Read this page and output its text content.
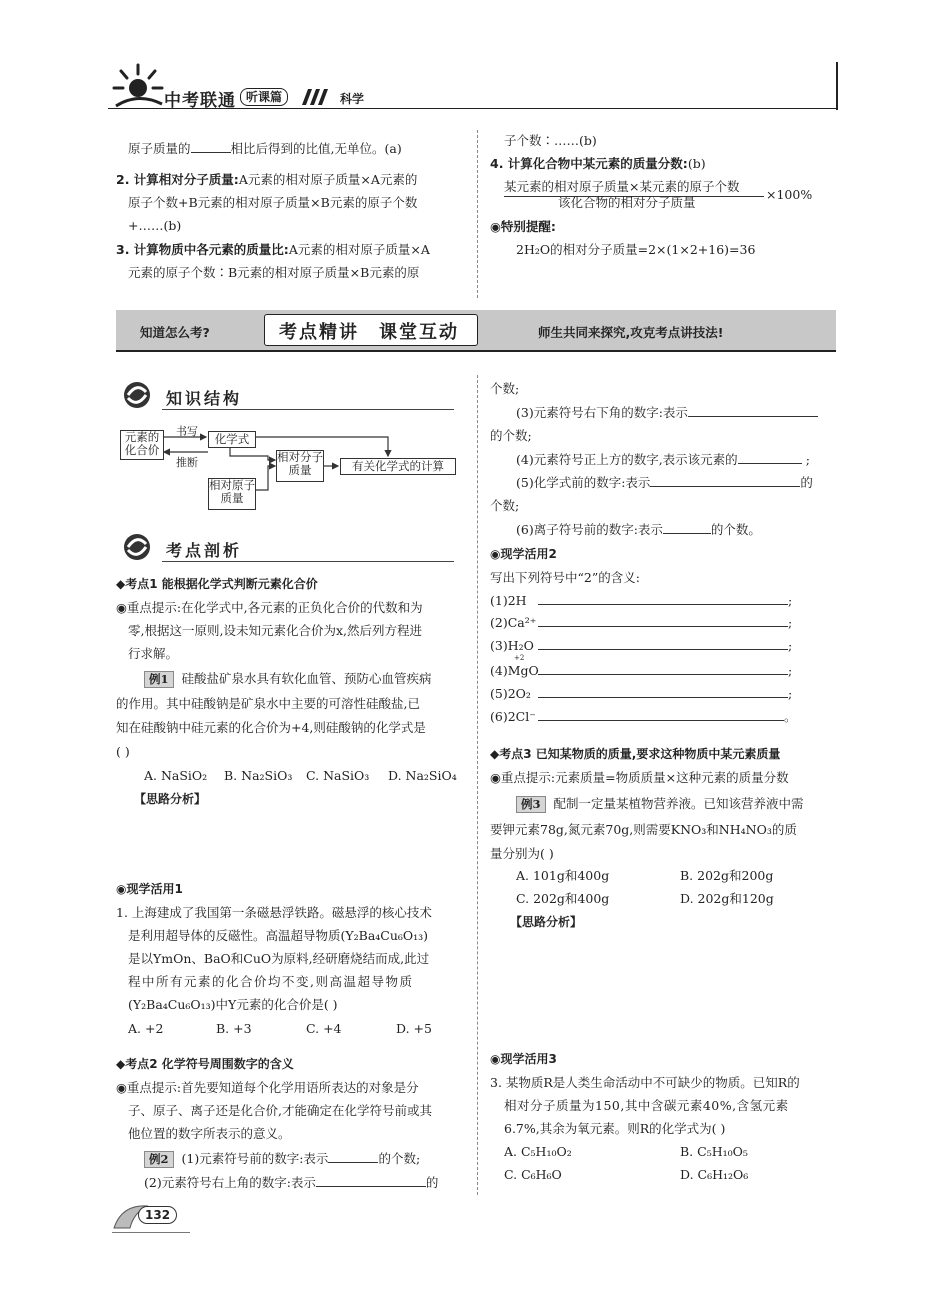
中考联通 听课篇	科学
原子质量的	相比后得到的比值,无单位。(a)
2. 计算相对分子质量:A元素的相对原子质量×A元素的
原子个数+B元素的相对原子质量×B元素的原子个数
+……(b)
3. 计算物质中各元素的质量比:A元素的相对原子质量×A
元素的原子个数∶B元素的相对原子质量×B元素的原
子个数∶……(b)
4. 计算化合物中某元素的质量分数:(b)
某元素的相对原子质量×某元素的原子个数
该化合物的相对分子质量
×100%
◉特别提醒:
2H₂O的相对分子质量=2×(1×2+16)=36
知道怎么考?	考点精讲 课堂互动	师生共同来探究,攻克考点讲技法!
知识结构
元素的化合价
书写
推断
化学式
相对分子质量
相对原子质量
有关化学式的计算
考点剖析
◆考点1 能根据化学式判断元素化合价
◉重点提示:在化学式中,各元素的正负化合价的代数和为
零,根据这一原则,设未知元素化合价为x,然后列方程进
行求解。
例1 硅酸盐矿泉水具有软化血管、预防心血管疾病
的作用。其中硅酸钠是矿泉水中主要的可溶性硅酸盐,已
知在硅酸钠中硅元素的化合价为+4,则硅酸钠的化学式是
( )
A. NaSiO₂ B. Na₂SiO₃ C. NaSiO₃ D. Na₂SiO₄
【思路分析】
◉现学活用1
1. 上海建成了我国第一条磁悬浮铁路。磁悬浮的核心技术
是利用超导体的反磁性。高温超导物质(Y₂Ba₄Cu₆O₁₃)
是以YmOn、BaO和CuO为原料,经研磨烧结而成,此过
程中所有元素的化合价均不变,则高温超导物质
(Y₂Ba₄Cu₆O₁₃)中Y元素的化合价是( )
A. +2	B. +3	C. +4	D. +5
◆考点2 化学符号周围数字的含义
◉重点提示:首先要知道每个化学用语所表达的对象是分
子、原子、离子还是化合价,才能确定在化学符号前或其
他位置的数字所表示的意义。
例2 (1)元素符号前的数字:表示	的个数;
(2)元素符号右上角的数字:表示	的
个数;
(3)元素符号右下角的数字:表示
的个数;
(4)元素符号正上方的数字,表示该元素的	;
(5)化学式前的数字:表示	的
个数;
(6)离子符号前的数字:表示	的个数。
◉现学活用2
写出下列符号中“2”的含义:
(1)2H	;
(2)Ca²⁺	;
(3)H₂O	;
+2
(4)MgO	;
(5)2O₂	;
(6)2Cl⁻	。
◆考点3 已知某物质的质量,要求这种物质中某元素质量
◉重点提示:元素质量=物质质量×这种元素的质量分数
例3 配制一定量某植物营养液。已知该营养液中需
要钾元素78g,氮元素70g,则需要KNO₃和NH₄NO₃的质
量分别为( )
A. 101g和400g	B. 202g和200g
C. 202g和400g	D. 202g和120g
【思路分析】
◉现学活用3
3. 某物质R是人类生命活动中不可缺少的物质。已知R的
相对分子质量为150,其中含碳元素40%,含氢元素
6.7%,其余为氧元素。则R的化学式为( )
A. C₅H₁₀O₂	B. C₅H₁₀O₅
C. C₆H₆O	D. C₆H₁₂O₆
132
